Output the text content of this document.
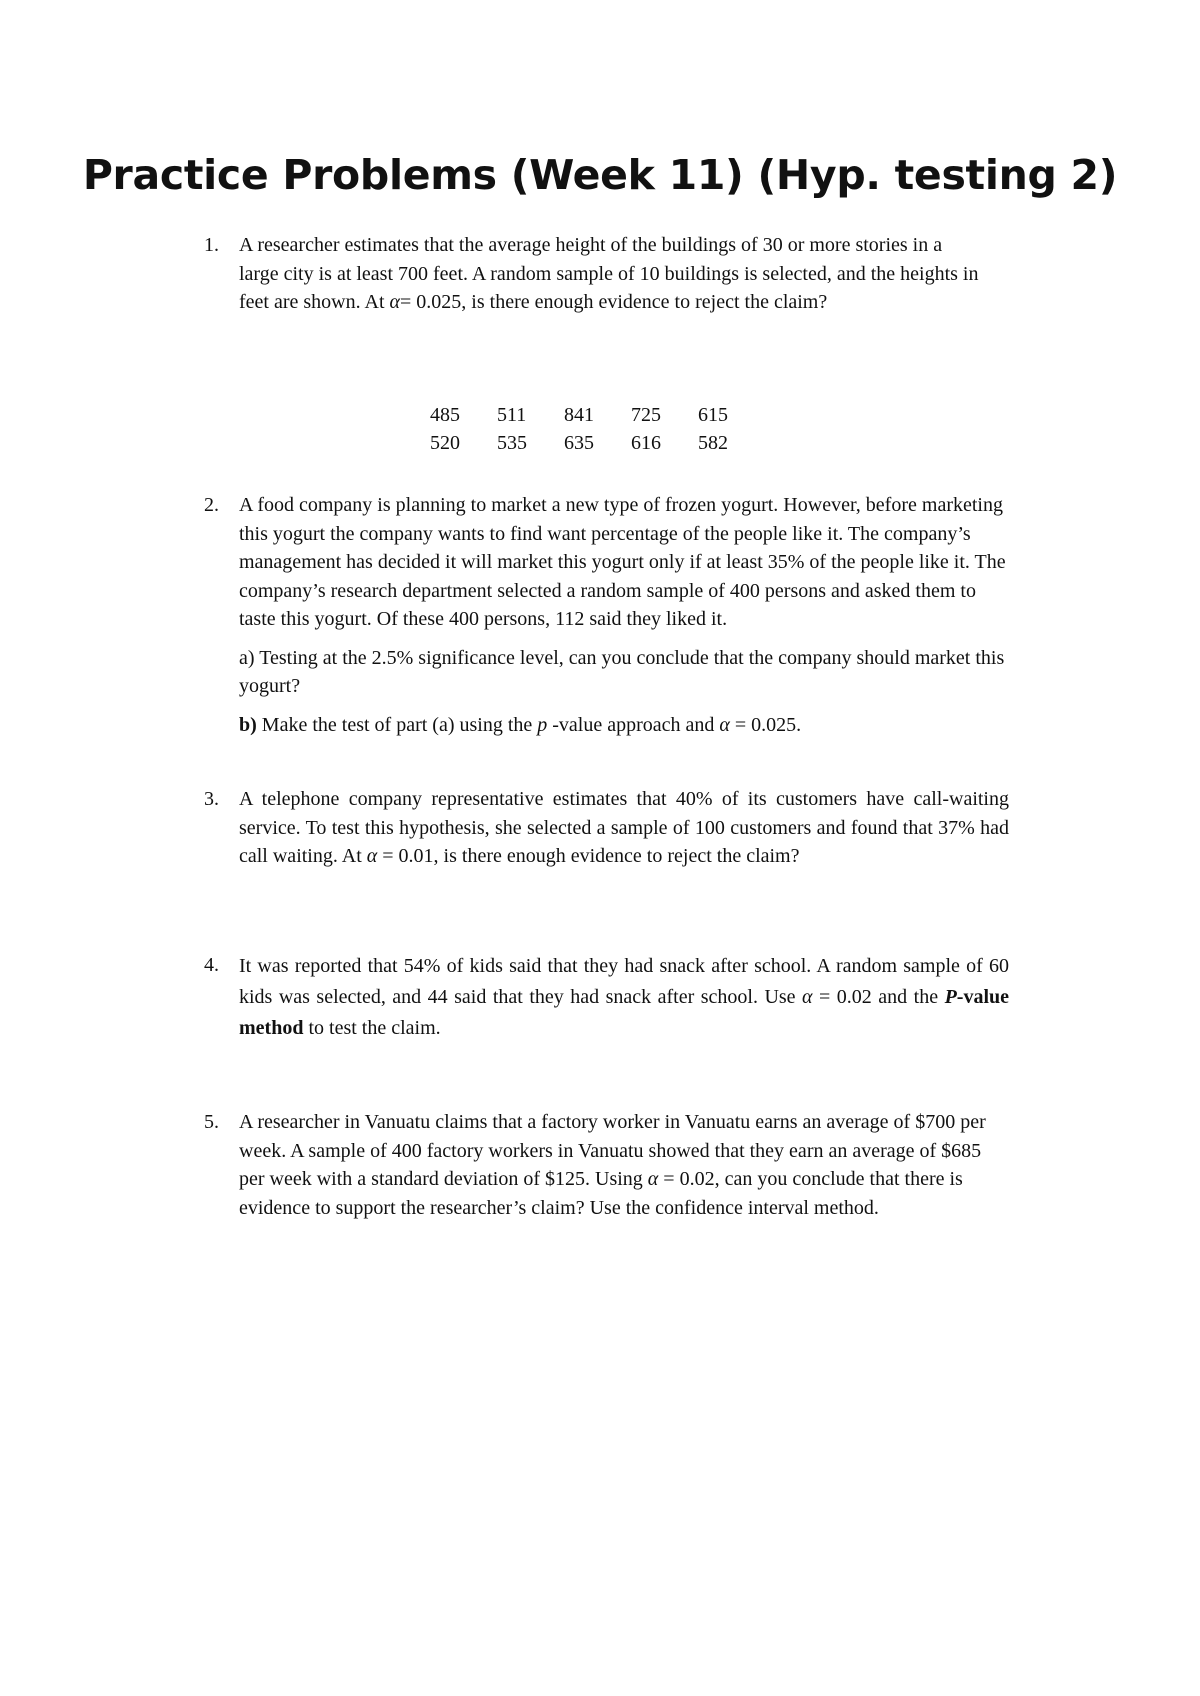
Practice Problems (Week 11) (Hyp. testing 2)
1. A researcher estimates that the average height of the buildings of 30 or more stories in a large city is at least 700 feet. A random sample of 10 buildings is selected, and the heights in feet are shown. At α= 0.025, is there enough evidence to reject the claim?

485	511	841	725	615
520	535	635	616	582
2. A food company is planning to market a new type of frozen yogurt. However, before marketing this yogurt the company wants to find want percentage of the people like it. The company’s management has decided it will market this yogurt only if at least 35% of the people like it. The company’s research department selected a random sample of 400 persons and asked them to taste this yogurt. Of these 400 persons, 112 said they liked it.

a) Testing at the 2.5% significance level, can you conclude that the company should market this yogurt?

b) Make the test of part (a) using the p -value approach and α = 0.025.

3. A telephone company representative estimates that 40% of its customers have call-waiting service. To test this hypothesis, she selected a sample of 100 customers and found that 37% had call waiting. At α = 0.01, is there enough evidence to reject the claim?

4. It was reported that 54% of kids said that they had snack after school. A random sample of 60 kids was selected, and 44 said that they had snack after school. Use α = 0.02 and the P-value method to test the claim.

5. A researcher in Vanuatu claims that a factory worker in Vanuatu earns an average of $700 per week. A sample of 400 factory workers in Vanuatu showed that they earn an average of $685 per week with a standard deviation of $125. Using α = 0.02, can you conclude that there is evidence to support the researcher’s claim? Use the confidence interval method.
